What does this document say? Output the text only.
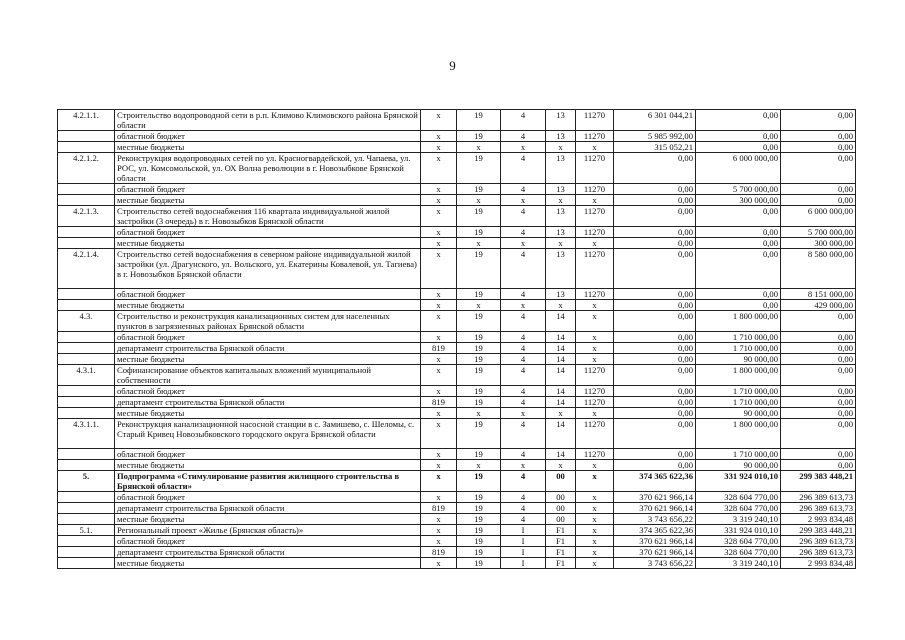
9
4.2.1.1.	Строительство водопроводной сети в р.п. Климово Климовского района Брянской области	x	19	4	13	11270	6 301 044,21	0,00	0,00
	областной бюджет	x	19	4	13	11270	5 985 992,00	0,00	0,00
	местные бюджеты	x	x	x	x	x	315 052,21	0,00	0,00
4.2.1.2.	Реконструкция водопроводных сетей по ул. Красногвардейской, ул. Чапаева, ул. РОС, ул. Комсомольской, ул. ОХ Волна революции в г. Новозыбкове Брянской области	x	19	4	13	11270	0,00	6 000 000,00	0,00
	областной бюджет	x	19	4	13	11270	0,00	5 700 000,00	0,00
	местные бюджеты	x	x	x	x	x	0,00	300 000,00	0,00
4.2.1.3.	Строительство сетей водоснабжения 116 квартала индивидуальной жилой застройки (3 очередь) в г. Новозыбков Брянской области	x	19	4	13	11270	0,00	0,00	6 000 000,00
	областной бюджет	x	19	4	13	11270	0,00	0,00	5 700 000,00
	местные бюджеты	x	x	x	x	x	0,00	0,00	300 000,00
4.2.1.4.	Строительство сетей водоснабжения в северном районе индивидуальной жилой застройки (ул. Драгунского, ул. Вольского, ул. Екатерины Ковалевой, ул. Тагиева) в г. Новозыбков Брянской области	x	19	4	13	11270	0,00	0,00	8 580 000,00
	областной бюджет	x	19	4	13	11270	0,00	0,00	8 151 000,00
	местные бюджеты	x	x	x	x	x	0,00	0,00	429 000,00
4.3.	Строительство и реконструкция канализационных систем для населенных пунктов в загрязненных районах Брянской области	x	19	4	14	x	0,00	1 800 000,00	0,00
	областной бюджет	x	19	4	14	x	0,00	1 710 000,00	0,00
	департамент строительства Брянской области	819	19	4	14	x	0,00	1 710 000,00	0,00
	местные бюджеты	x	19	4	14	x	0,00	90 000,00	0,00
4.3.1.	Софинансирование объектов капитальных вложений муниципальной собственности	x	19	4	14	11270	0,00	1 800 000,00	0,00
	областной бюджет	x	19	4	14	11270	0,00	1 710 000,00	0,00
	департамент строительства Брянской области	819	19	4	14	11270	0,00	1 710 000,00	0,00
	местные бюджеты	x	x	x	x	x	0,00	90 000,00	0,00
4.3.1.1.	Реконструкция канализационной насосной станции в с. Замишево, с. Шеломы, с. Старый Кривец Новозыбковского городского округа Брянской области	x	19	4	14	11270	0,00	1 800 000,00	0,00
	областной бюджет	x	19	4	14	11270	0,00	1 710 000,00	0,00
	местные бюджеты	x	x	x	x	x	0,00	90 000,00	0,00
5.	Подпрограмма «Стимулирование развития жилищного строительства в Брянской области»	x	19	4	00	x	374 365 622,36	331 924 010,10	299 383 448,21
	областной бюджет	x	19	4	00	x	370 621 966,14	328 604 770,00	296 389 613,73
	департамент строительства Брянской области	819	19	4	00	x	370 621 966,14	328 604 770,00	296 389 613,73
	местные бюджеты	x	19	4	00	x	3 743 656,22	3 319 240,10	2 993 834,48
5.1.	Региональный проект «Жилье (Брянская область)»	x	19	I	F1	x	374 365 622,36	331 924 010,10	299 383 448,21
	областной бюджет	x	19	I	F1	x	370 621 966,14	328 604 770,00	296 389 613,73
	департамент строительства Брянской области	819	19	I	F1	x	370 621 966,14	328 604 770,00	296 389 613,73
	местные бюджеты	x	19	I	F1	x	3 743 656,22	3 319 240,10	2 993 834,48
